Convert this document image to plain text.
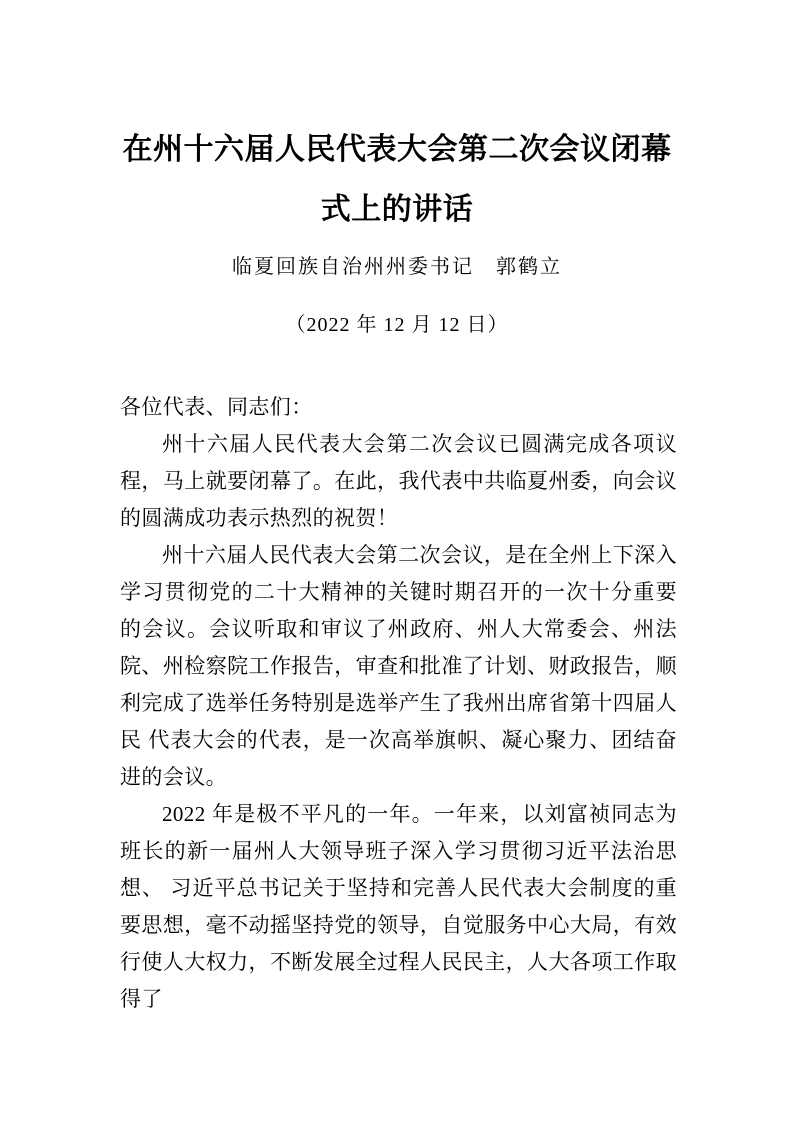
在州十六届人民代表大会第二次会议闭幕
式上的讲话
临夏回族自治州州委书记　郭鹤立
（2022 年 12 月 12 日）

各位代表、同志们：

州十六届人民代表大会第二次会议已圆满完成各项议程，马上就要闭幕了。在此，我代表中共临夏州委，向会议的圆满成功表示热烈的祝贺！

州十六届人民代表大会第二次会议，是在全州上下深入学习贯彻党的二十大精神的关键时期召开的一次十分重要 的会议。会议听取和审议了州政府、州人大常委会、州法院、州检察院工作报告，审查和批准了计划、财政报告，顺利完成了选举任务特别是选举产生了我州出席省第十四届人民 代表大会的代表，是一次高举旗帜、凝心聚力、团结奋进的会议。

2022 年是极不平凡的一年。一年来，以刘富祯同志为班长的新一届州人大领导班子深入学习贯彻习近平法治思想、 习近平总书记关于坚持和完善人民代表大会制度的重要思想，毫不动摇坚持党的领导，自觉服务中心大局，有效行使人大权力，不断发展全过程人民民主，人大各项工作取得了
